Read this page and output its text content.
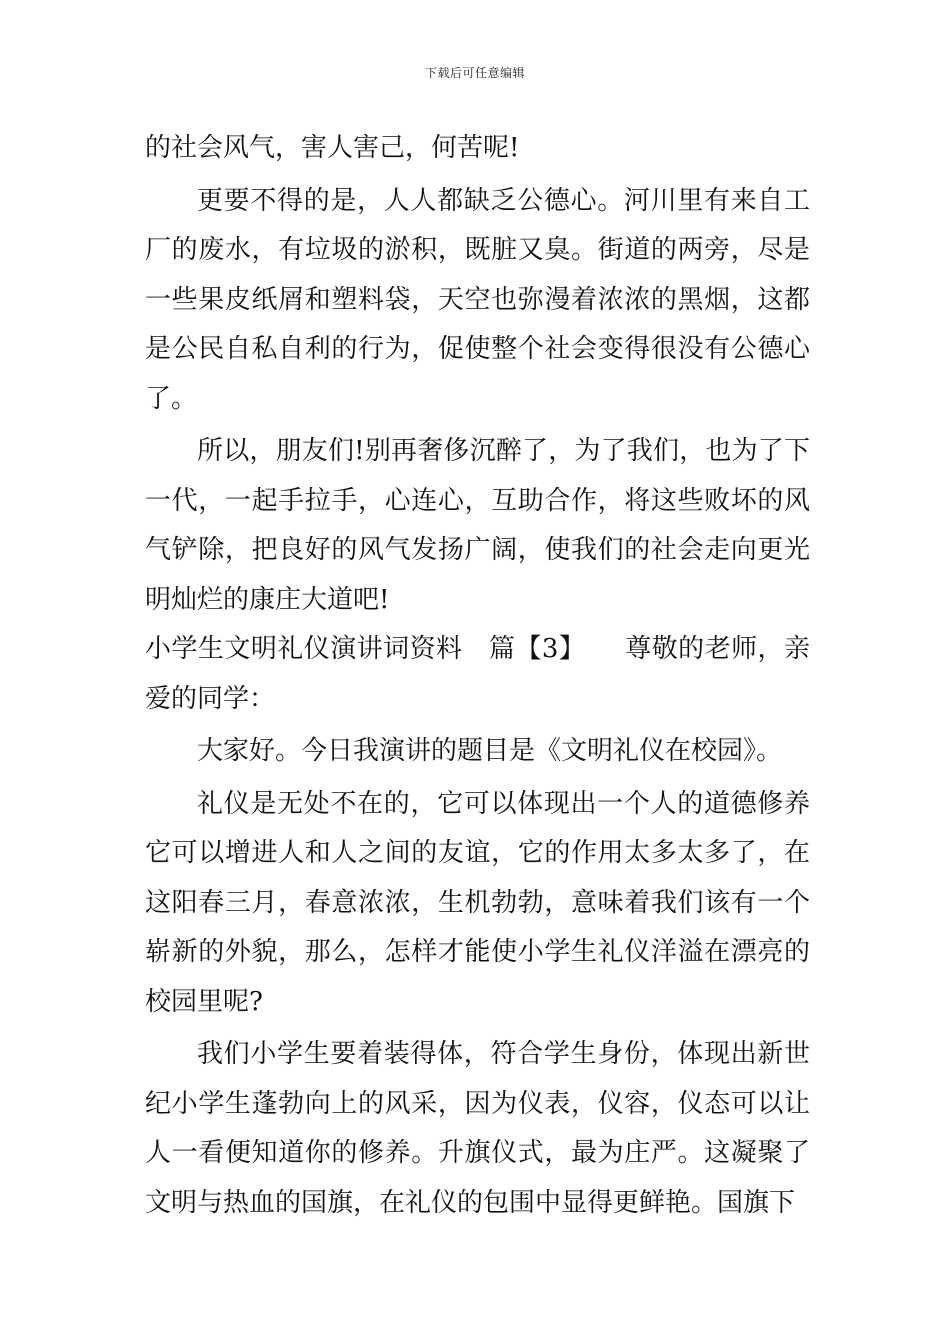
下载后可任意编辑

的社会风气，害人害己，何苦呢!

更要不得的是，人人都缺乏公德心。河川里有来自工厂的废水，有垃圾的淤积，既脏又臭。街道的两旁，尽是一些果皮纸屑和塑料袋，天空也弥漫着浓浓的黑烟，这都是公民自私自利的行为，促使整个社会变得很没有公德心了。

所以，朋友们!别再奢侈沉醉了，为了我们，也为了下一代，一起手拉手，心连心，互助合作，将这些败坏的风气铲除，把良好的风气发扬广阔，使我们的社会走向更光明灿烂的康庄大道吧!

小学生文明礼仪演讲词资料　篇【3】　　尊敬的老师，亲爱的同学：

大家好。今日我演讲的题目是《文明礼仪在校园》。

礼仪是无处不在的，它可以体现出一个人的道德修养它可以增进人和人之间的友谊，它的作用太多太多了，在这阳春三月，春意浓浓，生机勃勃，意味着我们该有一个崭新的外貌，那么，怎样才能使小学生礼仪洋溢在漂亮的校园里呢?

我们小学生要着装得体，符合学生身份，体现出新世纪小学生蓬勃向上的风采，因为仪表，仪容，仪态可以让人一看便知道你的修养。升旗仪式，最为庄严。这凝聚了文明与热血的国旗，在礼仪的包围中显得更鲜艳。国旗下
